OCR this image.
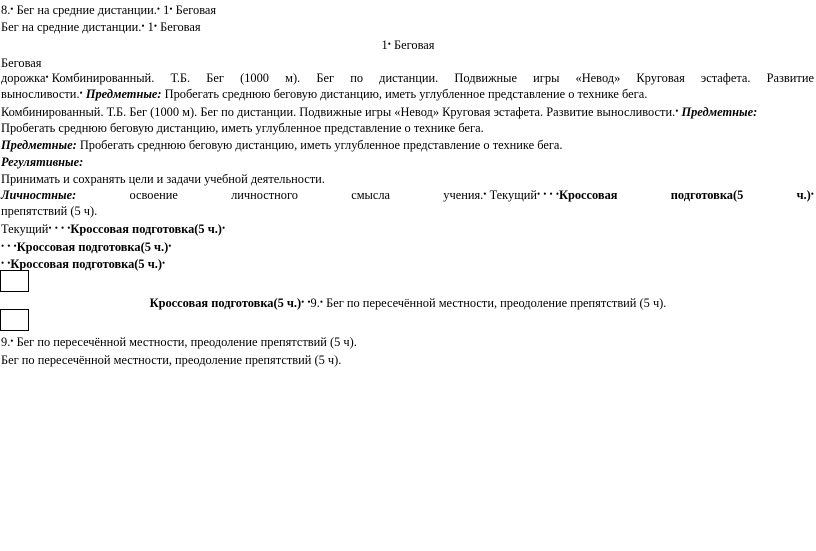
8.• Бег на средние дистанции.• 1• Беговая
Бег на средние дистанции.• 1• Беговая
1• Беговая
Беговая
дорожка• Комбинированный. Т.Б. Бег (1000 м). Бег по дистанции. Подвижные игры «Невод» Круговая эстафета. Развитие
выносливости.• Предметные: Пробегать среднюю беговую дистанцию, иметь углубленное представление о технике бега.
Комбинированный. Т.Б. Бег (1000 м). Бег по дистанции. Подвижные игры «Невод» Круговая эстафета. Развитие выносливости.• Предметные:
Пробегать среднюю беговую дистанцию, иметь углубленное представление о технике бега.
Предметные: Пробегать среднюю беговую дистанцию, иметь углубленное представление о технике бега.
Регулятивные:
Принимать и сохранять цели и задачи учебной деятельности.
Личностные:	освоение	личностного	смысла	учения.• Текущий• • • •Кроссовая	подготовка(5	ч.)•
препятствий (5 ч).
Текущий• • • •Кроссовая подготовка(5 ч.)•
• • •Кроссовая подготовка(5 ч.)•
• •Кроссовая подготовка(5 ч.)•
Кроссовая подготовка(5 ч.)• •9.• Бег по пересечённой местности, преодоление препятствий (5 ч).
9.• Бег по пересечённой местности, преодоление препятствий (5 ч).
Бег по пересечённой местности, преодоление препятствий (5 ч).
